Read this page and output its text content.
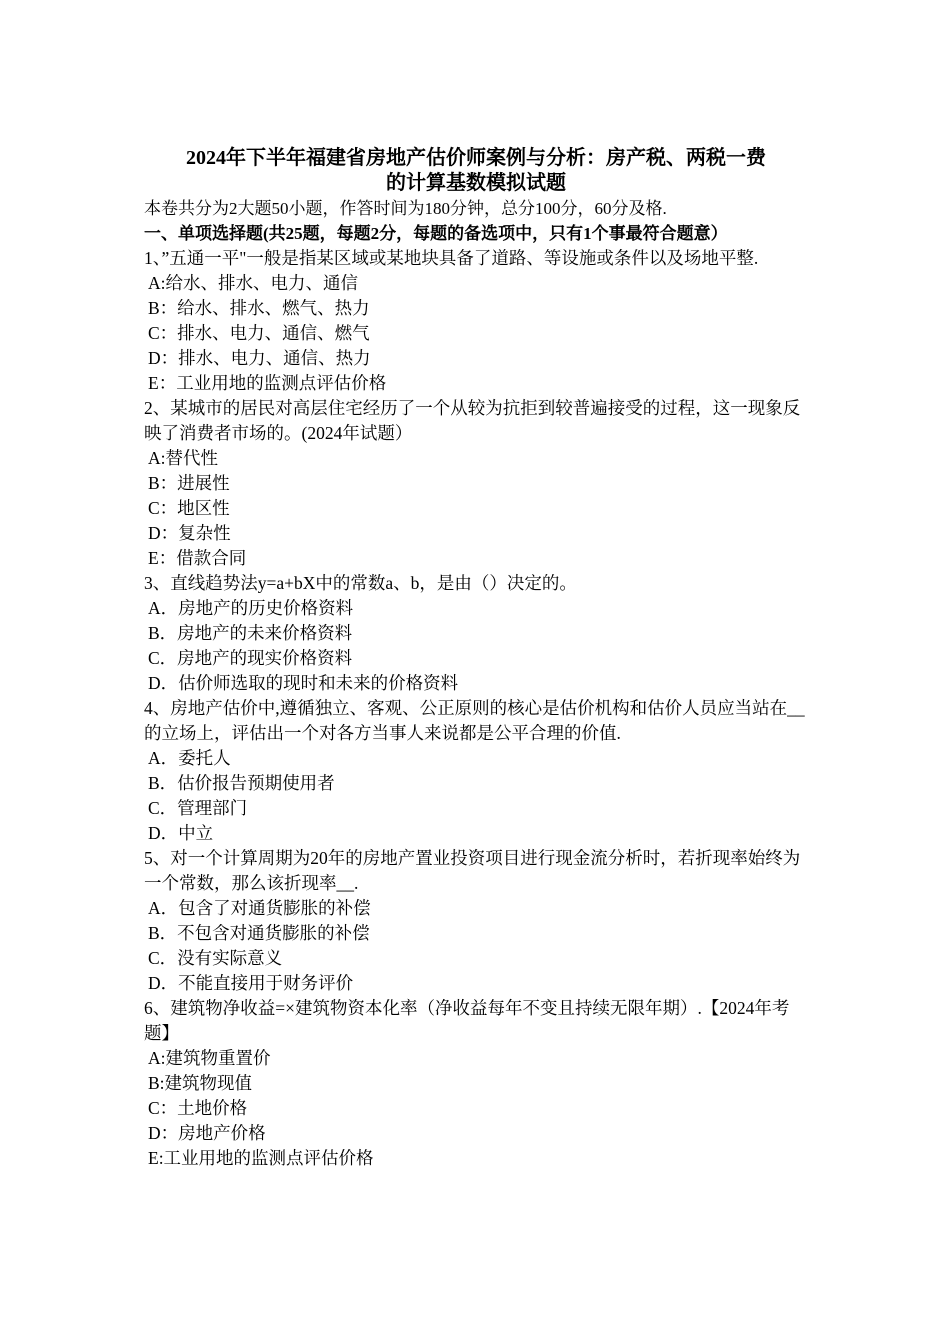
2024年下半年福建省房地产估价师案例与分析：房产税、两税一费

的计算基数模拟试题

本卷共分为2大题50小题，作答时间为180分钟，总分100分，60分及格.

一、单项选择题(共25题，每题2分，每题的备选项中，只有1个事最符合题意）

1、”五通一平"一般是指某区域或某地块具备了道路、等设施或条件以及场地平整.

A:给水、排水、电力、通信

B：给水、排水、燃气、热力

C：排水、电力、通信、燃气

D：排水、电力、通信、热力

E：工业用地的监测点评估价格

2、某城市的居民对高层住宅经历了一个从较为抗拒到较普遍接受的过程，这一现象反映了消费者市场的。(2024年试题）

A:替代性

B：进展性

C：地区性

D：复杂性

E：借款合同

3、直线趋势法y=a+bX中的常数a、b，是由（）决定的。

A．房地产的历史价格资料

B．房地产的未来价格资料

C．房地产的现实价格资料

D．估价师选取的现时和未来的价格资料

4、房地产估价中,遵循独立、客观、公正原则的核心是估价机构和估价人员应当站在__的立场上，评估出一个对各方当事人来说都是公平合理的价值.

A．委托人

B．估价报告预期使用者

C．管理部门

D．中立

5、对一个计算周期为20年的房地产置业投资项目进行现金流分析时，若折现率始终为一个常数，那么该折现率__.

A．包含了对通货膨胀的补偿

B．不包含对通货膨胀的补偿

C．没有实际意义

D．不能直接用于财务评价

6、建筑物净收益=×建筑物资本化率（净收益每年不变且持续无限年期）.【2024年考题】

A:建筑物重置价

B:建筑物现值

C：土地价格

D：房地产价格

E:工业用地的监测点评估价格
